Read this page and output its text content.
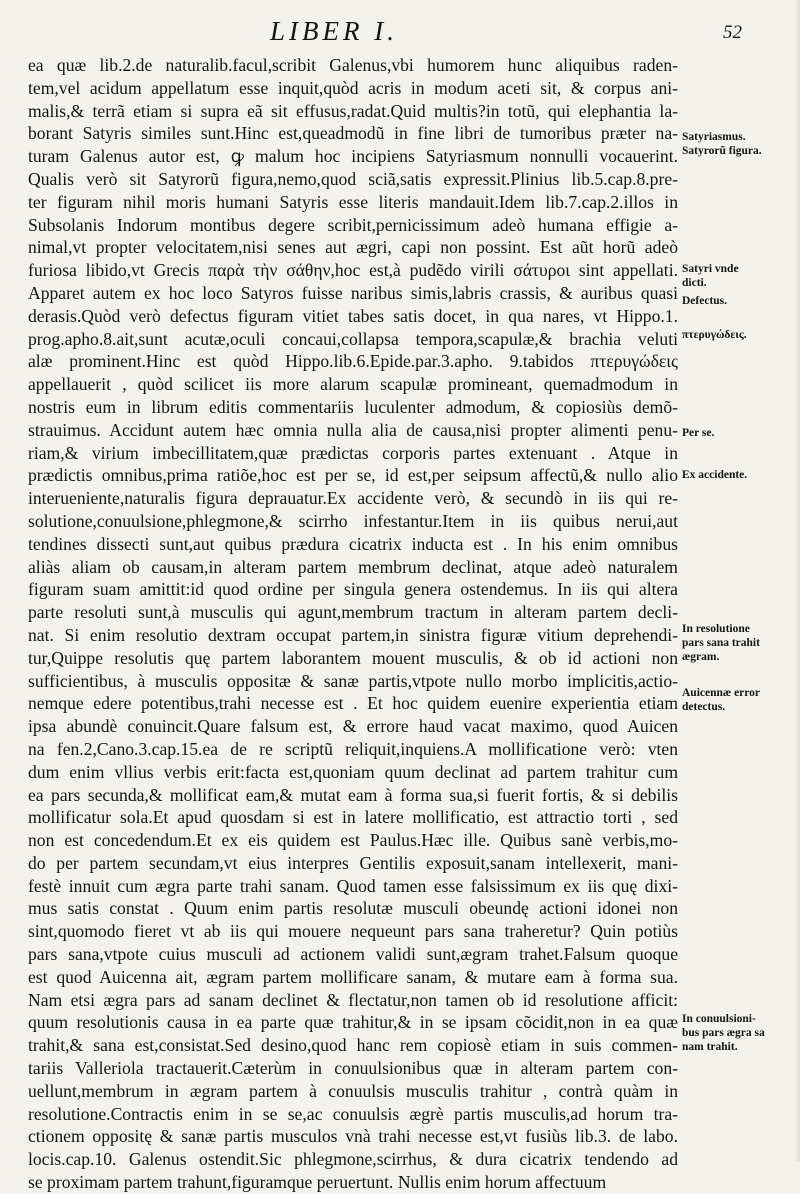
LIBER I.	52
ea quæ lib.2.de naturalib.facul,scribit Galenus,vbi humorem hunc aliquibus raden-
tem,vel acidum appellatum esse inquit,quòd acris in modum aceti sit, & corpus ani-
malis,& terrã etiam si supra eã sit effusus,radat.Quid multis?in totũ, qui elephantia la-
borant Satyris similes sunt.Hinc est,queadmodũ in fine libri de tumoribus præter na-
turam Galenus autor est, ꝙ malum hoc incipiens Satyriasmum nonnulli vocauerint.
Qualis verò sit Satyrorũ figura,nemo,quod sciã,satis expressit.Plinius lib.5.cap.8.pre-
ter figuram nihil moris humani Satyris esse literis mandauit.Idem lib.7.cap.2.illos in
Subsolanis Indorum montibus degere scribit,pernicissimum adeò humana effigie a-
nimal,vt propter velocitatem,nisi senes aut ægri, capi non possint. Est aũt horũ adeò
furiosa libido,vt Grecis παρὰ τὴν σάθην,hoc est,à pudẽdo virili σάτυροι sint appellati.
Apparet autem ex hoc loco Satyros fuisse naribus simis,labris crassis, & auribus quasi
derasis.Quòd verò defectus figuram vitiet tabes satis docet, in qua nares, vt Hippo.1.
prog.apho.8.ait,sunt acutæ,oculi concaui,collapsa tempora,scapulæ,& brachia veluti
alæ prominent.Hinc est quòd Hippo.lib.6.Epide.par.3.apho. 9.tabidos πτερυγώδεις
appellauerit , quòd scilicet iis more alarum scapulæ promineant, quemadmodum in
nostris eum in librum editis commentariis luculenter admodum, & copiosiùs demõ-
strauimus. Accidunt autem hæc omnia nulla alia de causa,nisi propter alimenti penu-
riam,& virium imbecillitatem,quæ prædictas corporis partes extenuant . Atque in
prædictis omnibus,prima ratiõe,hoc est per se, id est,per seipsum affectũ,& nullo alio
interueniente,naturalis figura deprauatur.Ex accidente verò, & secundò in iis qui re-
solutione,conuulsione,phlegmone,& scirrho infestantur.Item in iis quibus nerui,aut
tendines dissecti sunt,aut quibus prædura cicatrix inducta est . In his enim omnibus
aliàs aliam ob causam,in alteram partem membrum declinat, atque adeò naturalem
figuram suam amittit:id quod ordine per singula genera ostendemus. In iis qui altera
parte resoluti sunt,à musculis qui agunt,membrum tractum in alteram partem decli-
nat. Si enim resolutio dextram occupat partem,in sinistra figuræ vitium deprehendi-
tur,Quippe resolutis quę partem laborantem mouent musculis, & ob id actioni non
sufficientibus, à musculis oppositæ & sanæ partis,vtpote nullo morbo implicitis,actio-
nemque edere potentibus,trahi necesse est . Et hoc quidem euenire experientia etiam
ipsa abundè conuincit.Quare falsum est, & errore haud vacat maximo, quod Auicen
na fen.2,Cano.3.cap.15.ea de re scriptũ reliquit,inquiens.A mollificatione verò: vten
dum enim vllius verbis erit:facta est,quoniam quum declinat ad partem trahitur cum
ea pars secunda,& mollificat eam,& mutat eam à forma sua,si fuerit fortis, & si debilis
mollificatur sola.Et apud quosdam si est in latere mollificatio, est attractio torti , sed
non est concedendum.Et ex eis quidem est Paulus.Hæc ille. Quibus sanè verbis,mo-
do per partem secundam,vt eius interpres Gentilis exposuit,sanam intellexerit, mani-
festè innuit cum ægra parte trahi sanam. Quod tamen esse falsissimum ex iis quę dixi-
mus satis constat . Quum enim partis resolutæ musculi obeundę actioni idonei non
sint,quomodo fieret vt ab iis qui mouere nequeunt pars sana traheretur? Quin potiùs
pars sana,vtpote cuius musculi ad actionem validi sunt,ægram trahet.Falsum quoque
est quod Auicenna ait, ægram partem mollificare sanam, & mutare eam à forma sua.
Nam etsi ægra pars ad sanam declinet & flectatur,non tamen ob id resolutione afficit:
quum resolutionis causa in ea parte quæ trahitur,& in se ipsam cõcidit,non in ea quæ
trahit,& sana est,consistat.Sed desino,quod hanc rem copiosè etiam in suis commen-
tariis Valleriola tractauerit.Cæterùm in conuulsionibus quæ in alteram partem con-
uellunt,membrum in ægram partem à conuulsis musculis trahitur , contrà quàm in
resolutione.Contractis enim in se se,ac conuulsis ægrè partis musculis,ad horum tra-
ctionem oppositę & sanæ partis musculos vnà trahi necesse est,vt fusiùs lib.3. de labo.
locis.cap.10. Galenus ostendit.Sic phlegmone,scirrhus, & dura cicatrix tendendo ad
se proximam partem trahunt,figuramque peruertunt. Nullis enim horum affectuum
Satyriasmus.
Satyrorũ figura.
Satyri vnde
dicti.
Defectus.
πτερυγώδεις.
Per se.
Ex accidente.
In resolutione
pars sana trahit
ægram.
Auicennæ error
detectus.
In conuulsioni-
bus pars ægra sa
nam trahit.
